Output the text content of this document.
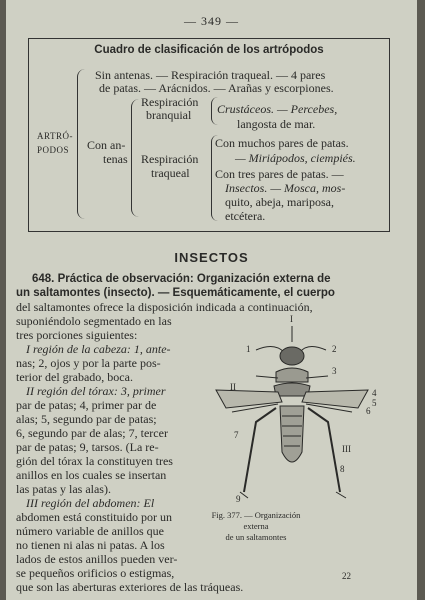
— 349 —
Cuadro de clasificación de los artrópodos
Sin antenas. — Respiración traqueal. — 4 pares
de patas. — Arácnidos. — Arañas y escorpiones.
ARTRÓ-
PODOS Con an-
tenas
Respiración
branquial Crustáceos. — Percebes,
langosta de mar.
Respiración
traqueal
Con muchos pares de patas.
— Miriápodos, ciempiés.
Con tres pares de patas. —
Insectos. — Mosca, mos-
quito, abeja, mariposa,
etcétera.
INSECTOS
648. Práctica de observación: Organización externa de
un saltamontes (insecto). — Esquemáticamente, el cuerpo
del saltamontes ofrece la disposición indicada a continuación,
suponiéndolo segmentado en las
tres porciones siguientes:
I región de la cabeza: 1, ante-
nas; 2, ojos y por la parte pos-
terior del grabado, boca.
II región del tórax: 3, primer
par de patas; 4, primer par de
alas; 5, segundo par de patas;
6, segundo par de alas; 7, tercer
par de patas; 9, tarsos. (La re-
gión del tórax la constituyen tres
anillos en los cuales se insertan
las patas y las alas).
III región del abdomen: El
abdomen está constituido por un
número variable de anillos que
no tienen ni alas ni patas. A los
lados de estos anillos pueden ver-
se pequeños orificios o estigmas,
que son las aberturas exteriores de las tráqueas.
I
1	2
3
II
4
5
6
7
III
8
9
Fig. 377. — Organización externa
de un saltamontes
22
